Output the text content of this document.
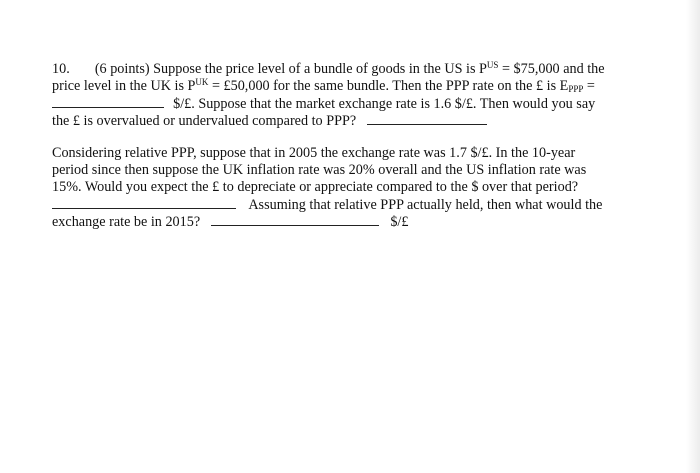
10. (6 points) Suppose the price level of a bundle of goods in the US is $P^{US}$ = $75,000 and the
price level in the UK is $P^{UK}$ = £50,000 for the same bundle. Then the PPP rate on the £ is $E_{PPP}$ =
$/£. Suppose that the market exchange rate is 1.6 $/£. Then would you say
the £ is overvalued or undervalued compared to PPP?
Considering relative PPP, suppose that in 2005 the exchange rate was 1.7 $/£. In the 10-year
period since then suppose the UK inflation rate was 20% overall and the US inflation rate was
15%. Would you expect the £ to depreciate or appreciate compared to the $ over that period?
Assuming that relative PPP actually held, then what would the
exchange rate be in 2015?	$/£
